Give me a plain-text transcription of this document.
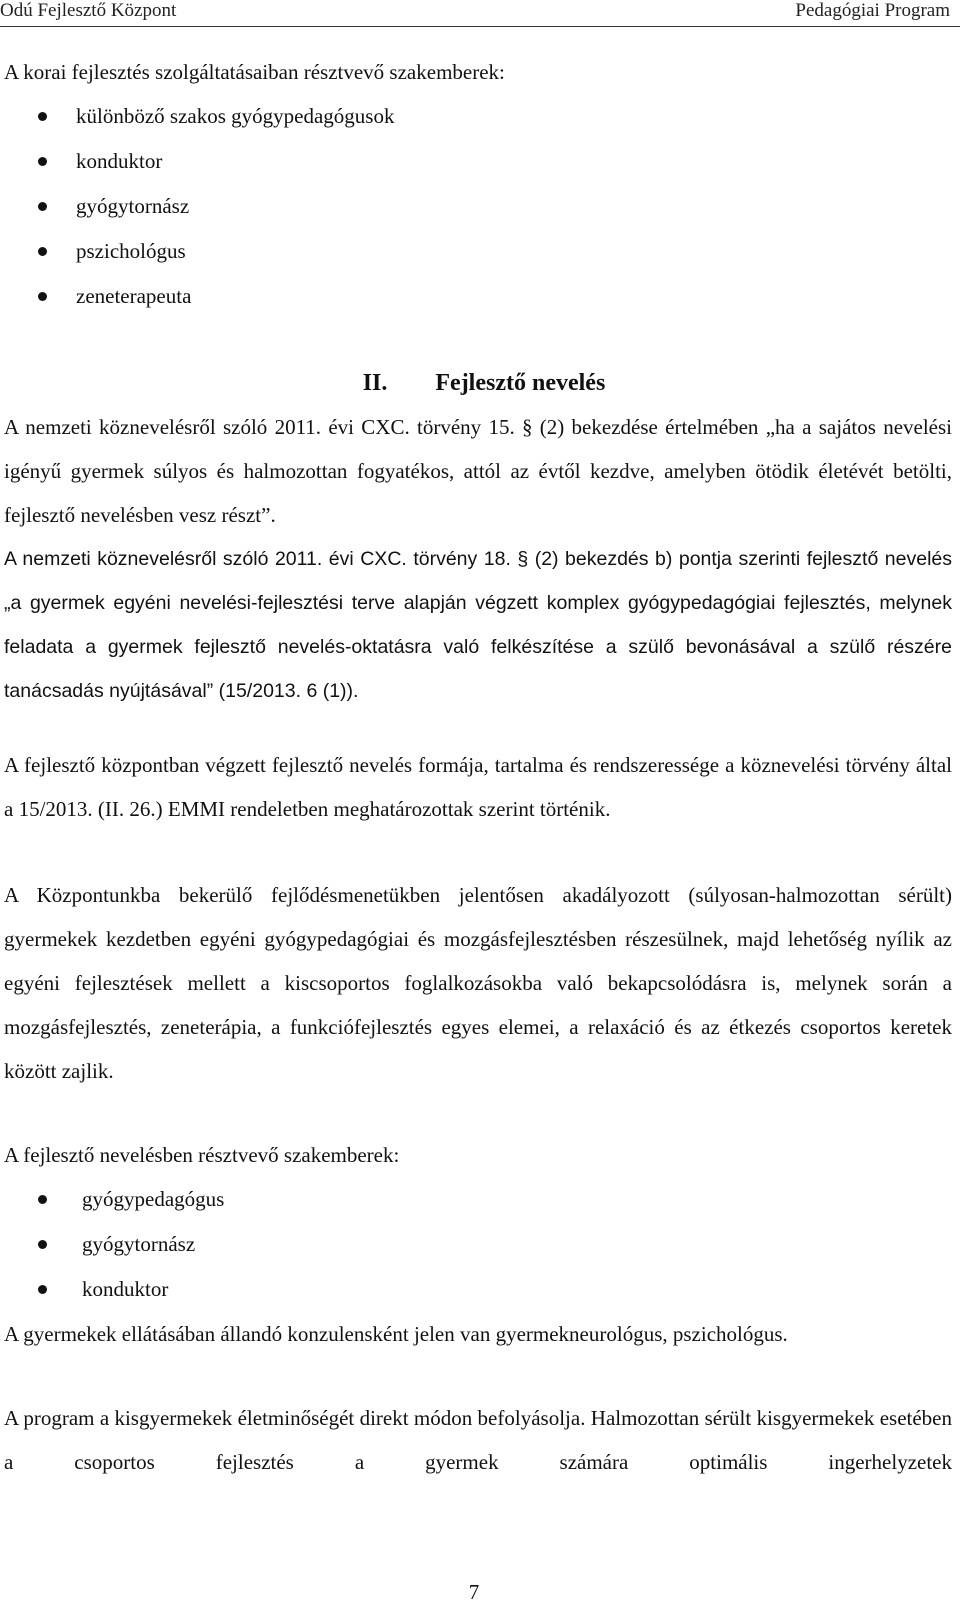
Odú Fejlesztő Központ	Pedagógiai Program

A korai fejlesztés szolgáltatásaiban résztvevő szakemberek:

különböző szakos gyógypedagógusok
konduktor
gyógytornász
pszichológus
zeneterapeuta
II. Fejlesztő nevelés

A nemzeti köznevelésről szóló 2011. évi CXC. törvény 15. § (2) bekezdése értelmében „ha a sajátos nevelési igényű gyermek súlyos és halmozottan fogyatékos, attól az évtől kezdve, amelyben ötödik életévét betölti, fejlesztő nevelésben vesz részt”.

A nemzeti köznevelésről szóló 2011. évi CXC. törvény 18. § (2) bekezdés b) pontja szerinti fejlesztő nevelés „a gyermek egyéni nevelési-fejlesztési terve alapján végzett komplex gyógypedagógiai fejlesztés, melynek feladata a gyermek fejlesztő nevelés-oktatásra való felkészítése a szülő bevonásával a szülő részére tanácsadás nyújtásával” (15/2013. 6 (1)).

A fejlesztő központban végzett fejlesztő nevelés formája, tartalma és rendszeressége a köznevelési törvény által a 15/2013. (II. 26.) EMMI rendeletben meghatározottak szerint történik.

A Központunkba bekerülő fejlődésmenetükben jelentősen akadályozott (súlyosan-halmozottan sérült) gyermekek kezdetben egyéni gyógypedagógiai és mozgásfejlesztésben részesülnek, majd lehetőség nyílik az egyéni fejlesztések mellett a kiscsoportos foglalkozásokba való bekapcsolódásra is, melynek során a mozgásfejlesztés, zeneterápia, a funkciófejlesztés egyes elemei, a relaxáció és az étkezés csoportos keretek között zajlik.

A fejlesztő nevelésben résztvevő szakemberek:

gyógypedagógus
gyógytornász
konduktor

A gyermekek ellátásában állandó konzulensként jelen van gyermekneurológus, pszichológus.

A program a kisgyermekek életminőségét direkt módon befolyásolja. Halmozottan sérült kisgyermekek esetében a csoportos fejlesztés a gyermek számára optimális ingerhelyzetek

7
